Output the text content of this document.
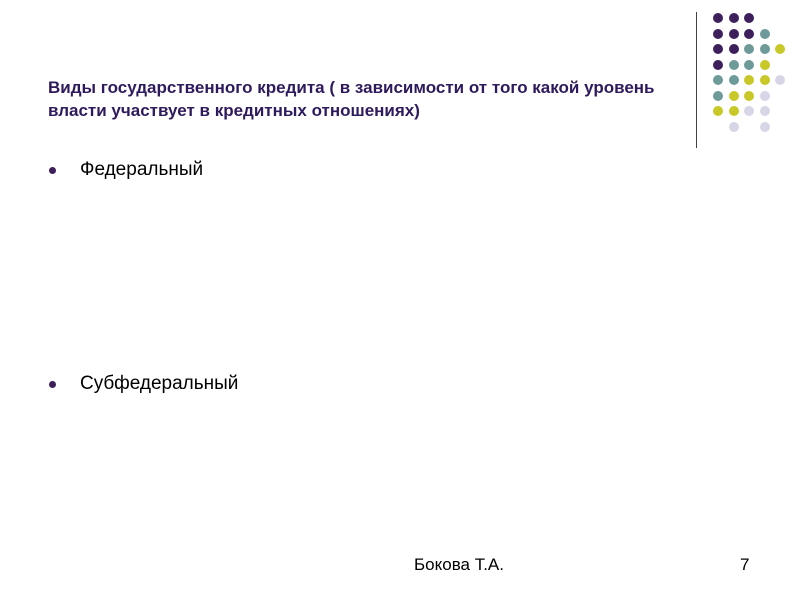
Виды государственного кредита ( в зависимости от того какой уровень власти участвует в кредитных отношениях)
Федеральный
Субфедеральный
Бокова Т.А.	7
